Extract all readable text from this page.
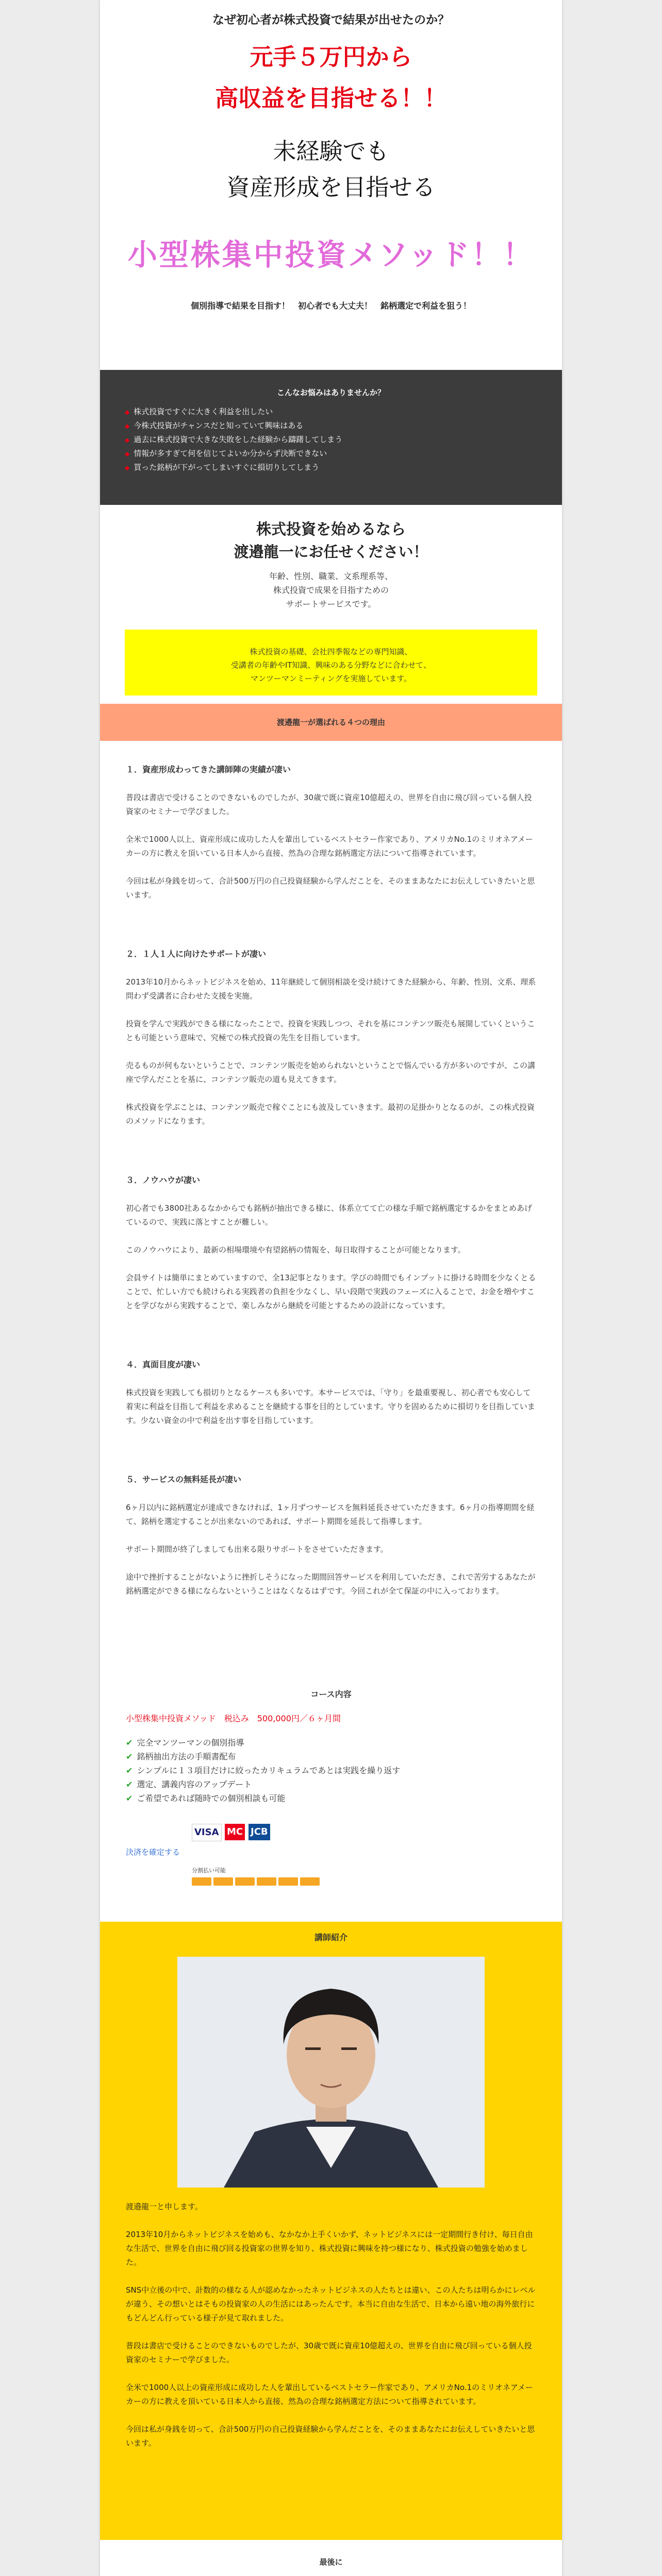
なぜ初心者が株式投資で結果が出せたのか？
元手５万円から
高収益を目指せる！！
未経験でも
資産形成を目指せる
小型株集中投資メソッド！！
個別指導で結果を目指す！　初心者でも大丈夫！　銘柄選定で利益を狙う！
こんなお悩みはありませんか？
◆ 株式投資ですぐに大きく利益を出したい
◆ 今株式投資がチャンスだと知っていて興味はある
◆ 過去に株式投資で大きな失敗をした経験から躊躇してしまう
◆ 情報が多すぎて何を信じてよいか分からず決断できない
◆ 買った銘柄が下がってしまいすぐに損切りしてしまう
株式投資を始めるなら
渡邉龍一にお任せください！
年齢、性別、職業、文系理系等、
株式投資で成果を目指すための
サポートサービスです。
株式投資の基礎、会社四季報などの専門知識、
受講者の年齢やIT知識、興味のある分野などに合わせて、
マンツーマンミーティングを実施しています。
渡邉龍一が選ばれる４つの理由
１．資産形成わってきた講師陣の実績が凄い

普段は書店で受けることのできないものでしたが、30歳で既に資産10億超えの、世界を自由に飛び回っている個人投資家のセミナーで学びました。

全米で1000人以上、資産形成に成功した人を輩出しているベストセラー作家であり、アメリカNo.1のミリオネアメーカーの方に教えを頂いている日本人から直接、然為の合理な銘柄選定方法について指導されています。

今回は私が身銭を切って、合計500万円の自己投資経験から学んだことを、そのままあなたにお伝えしていきたいと思います。

２．１人１人に向けたサポートが凄い

2013年10月からネットビジネスを始め、11年継続して個別相談を受け続けてきた経験から、年齢、性別、文系、理系問わず受講者に合わせた支援を実施。

投資を学んで実践ができる様になったことで、投資を実践しつつ、それを基にコンテンツ販売も展開していくということも可能という意味で、究極での株式投資の先生を目指しています。

売るものが何もないということで、コンテンツ販売を始められないということで悩んでいる方が多いのですが、この講座で学んだことを基に、コンテンツ販売の道も見えてきます。

株式投資を学ぶことは、コンテンツ販売で稼ぐことにも波及していきます。最初の足掛かりとなるのが、この株式投資のメソッドになります。

３．ノウハウが凄い

初心者でも3800社あるなかからでも銘柄が抽出できる様に、体系立てて亡の様な手順で銘柄選定するかをまとめあげているので、実践に落とすことが難しい。

このノウハウにより、最新の相場環境や有望銘柄の情報を、毎日取得することが可能となります。

会員サイトは簡単にまとめていますので、全13記事となります。学びの時間でもインプットに掛ける時間を少なくとることで、忙しい方でも続けられる実践者の負担を少なくし、早い段階で実践のフェーズに入ることで、お金を増やすことを学びながら実践することで、楽しみながら継続を可能とするための設計になっています。

４．真面目度が凄い

株式投資を実践しても損切りとなるケースも多いです。本サービスでは、「守り」を最重要視し、初心者でも安心して着実に利益を目指して利益を求めることを継続する事を目的としています。守りを固めるために損切りを目指しています。少ない資金の中で利益を出す事を目指しています。

５．サービスの無料延長が凄い

6ヶ月以内に銘柄選定が達成できなければ、1ヶ月ずつサービスを無料延長させていただきます。6ヶ月の指導期間を経て、銘柄を選定することが出来ないのであれば、サポート期間を延長して指導します。

サポート期間が終了しましても出来る限りサポートをさせていただきます。

途中で挫折することがないように挫折しそうになった期間回答サービスを利用していただき、これで苦労するあなたが銘柄選定ができる様にならないということはなくなるはずです。今回これが全て保証の中に入っております。

コース内容
小型株集中投資メソッド　税込み　500,000円／６ヶ月間
✔ 完全マンツーマンの個別指導
✔ 銘柄抽出方法の手順書配布
✔ シンプルに１３項目だけに絞ったカリキュラムであとは実践を繰り返す
✔ 選定、講義内容のアップデート
✔ ご希望であれば随時での個別相談も可能
決済を確定する
VISA MC JCB
分割払い可能
講師紹介

渡邉龍一と申します。

2013年10月からネットビジネスを始めも、なかなか上手くいかず、ネットビジネスには一定期間行き付け、毎日自由な生活で、世界を自由に飛び回る投資家の世界を知り、株式投資に興味を持つ様になり、株式投資の勉強を始めました。

SNS中立後の中で、計数的の様なる人が認めなかったネットビジネスの人たちとは違い、この人たちは明らかにレベルが違う、その想いとはそもの投資家の人の生活にはあったんです。本当に自由な生活で、日本から遠い地の海外旅行にもどんどん行っている様子が見て取れました。

普段は書店で受けることのできないものでしたが、30歳で既に資産10億超えの、世界を自由に飛び回っている個人投資家のセミナーで学びました。

全米で1000人以上の資産形成に成功した人を輩出しているベストセラー作家であり、アメリカNo.1のミリオネアメーカーの方に教えを頂いている日本人から直接、然為の合理な銘柄選定方法について指導されています。

今回は私が身銭を切って、合計500万円の自己投資経験から学んだことを、そのままあなたにお伝えしていきたいと思います。

最後に
